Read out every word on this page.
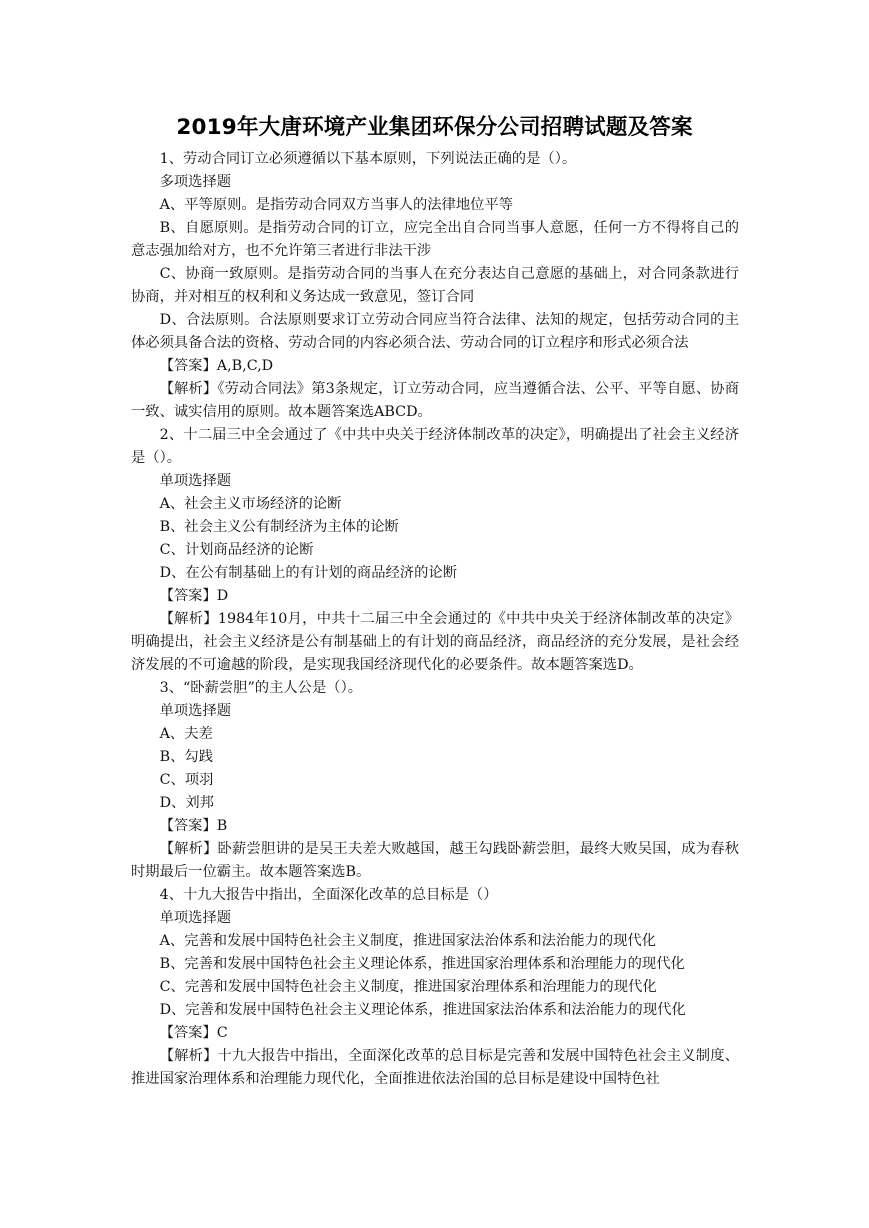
2019年大唐环境产业集团环保分公司招聘试题及答案

1、劳动合同订立必须遵循以下基本原则，下列说法正确的是（）。

多项选择题

A、平等原则。是指劳动合同双方当事人的法律地位平等

B、自愿原则。是指劳动合同的订立，应完全出自合同当事人意愿，任何一方不得将自己的意志强加给对方，也不允许第三者进行非法干涉

C、协商一致原则。是指劳动合同的当事人在充分表达自己意愿的基础上，对合同条款进行协商，并对相互的权利和义务达成一致意见，签订合同

D、合法原则。合法原则要求订立劳动合同应当符合法律、法知的规定，包括劳动合同的主体必须具备合法的资格、劳动合同的内容必须合法、劳动合同的订立程序和形式必须合法

【答案】A,B,C,D

【解析】《劳动合同法》第3条规定，订立劳动合同，应当遵循合法、公平、平等自愿、协商一致、诚实信用的原则。故本题答案选ABCD。

2、十二届三中全会通过了《中共中央关于经济体制改革的决定》，明确提出了社会主义经济是（）。

单项选择题

A、社会主义市场经济的论断

B、社会主义公有制经济为主体的论断

C、计划商品经济的论断

D、在公有制基础上的有计划的商品经济的论断

【答案】D

【解析】1984年10月，中共十二届三中全会通过的《中共中央关于经济体制改革的决定》明确提出，社会主义经济是公有制基础上的有计划的商品经济，商品经济的充分发展，是社会经济发展的不可逾越的阶段，是实现我国经济现代化的必要条件。故本题答案选D。

3、“卧薪尝胆”的主人公是（）。

单项选择题

A、夫差

B、勾践

C、项羽

D、刘邦

【答案】B

【解析】卧薪尝胆讲的是吴王夫差大败越国，越王勾践卧薪尝胆，最终大败吴国，成为春秋时期最后一位霸主。故本题答案选B。

4、十九大报告中指出，全面深化改革的总目标是（）

单项选择题

A、完善和发展中国特色社会主义制度，推进国家法治体系和法治能力的现代化

B、完善和发展中国特色社会主义理论体系，推进国家治理体系和治理能力的现代化

C、完善和发展中国特色社会主义制度，推进国家治理体系和治理能力的现代化

D、完善和发展中国特色社会主义理论体系，推进国家法治体系和法治能力的现代化

【答案】C

【解析】十九大报告中指出，全面深化改革的总目标是完善和发展中国特色社会主义制度、推进国家治理体系和治理能力现代化，全面推进依法治国的总目标是建设中国特色社
